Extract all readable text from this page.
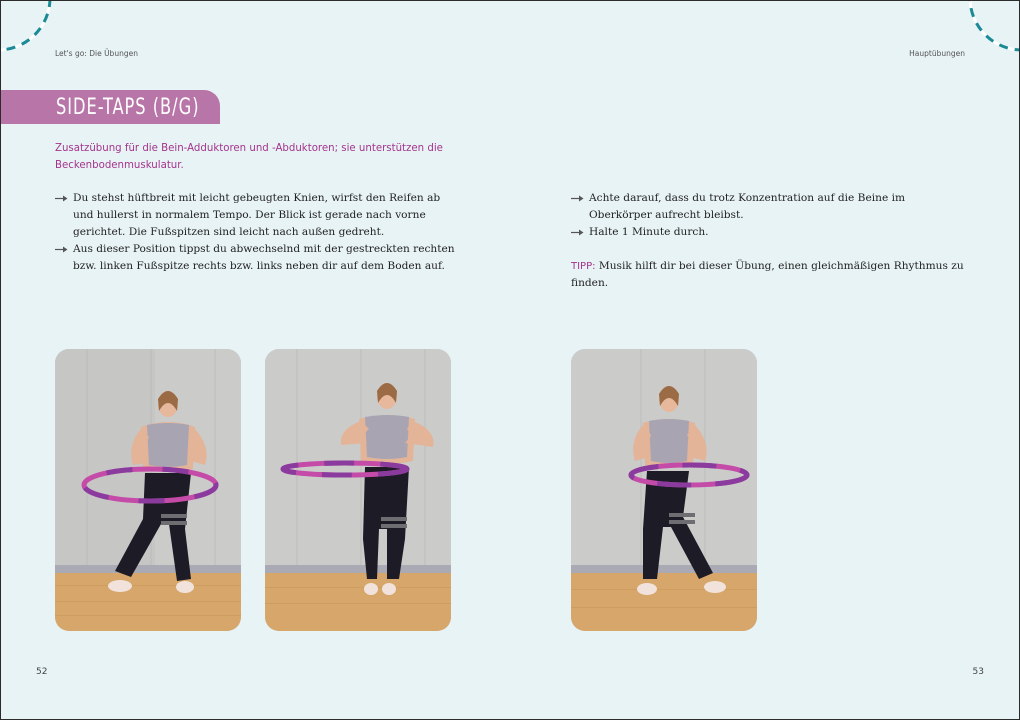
Let's go: Die Übungen	Hauptübungen
SIDE-TAPS (B/G)
Zusatzübung für die Bein-Adduktoren und -Abduktoren; sie unterstützen die Beckenbodenmuskulatur.

Du stehst hüftbreit mit leicht gebeugten Knien, wirfst den Reifen ab und hullerst in normalem Tempo. Der Blick ist gerade nach vorne gerichtet. Die Fußspitzen sind leicht nach außen gedreht.

Aus dieser Position tippst du abwechselnd mit der gestreckten rechten bzw. linken Fußspitze rechts bzw. links neben dir auf dem Boden auf.

Achte darauf, dass du trotz Konzentration auf die Beine im Oberkörper aufrecht bleibst.

Halte 1 Minute durch.

TIPP: Musik hilft dir bei dieser Übung, einen gleichmäßigen Rhythmus zu finden.

52	53
